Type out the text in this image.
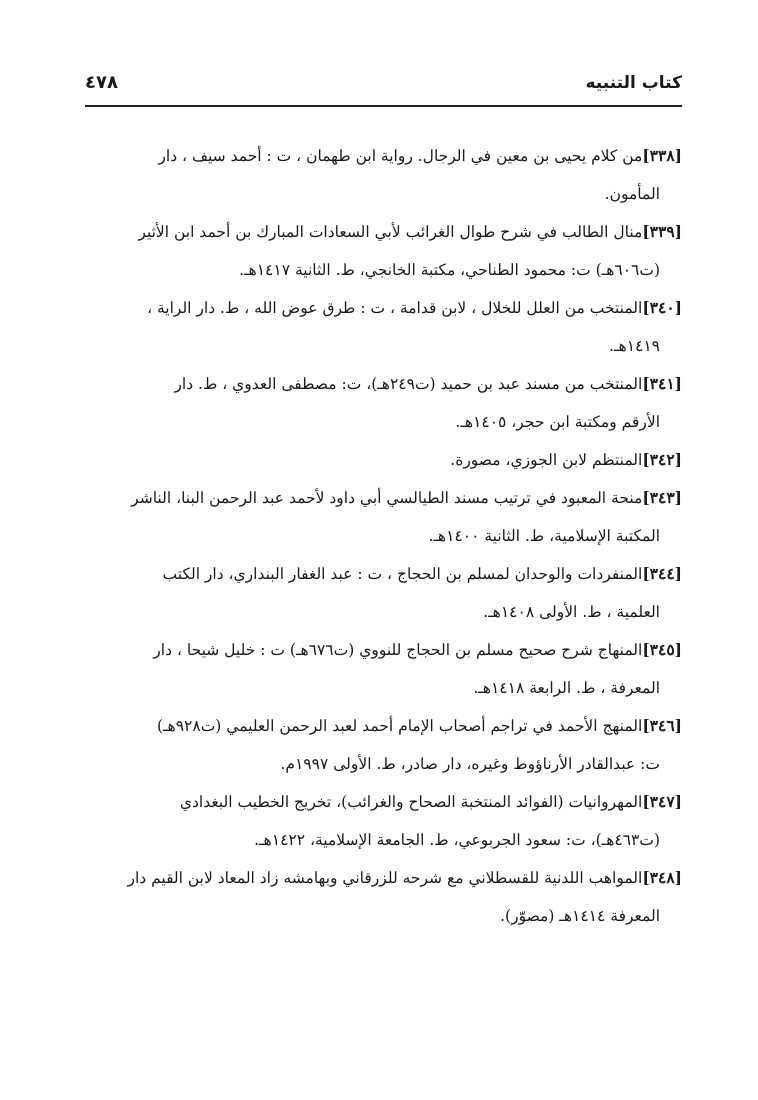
كتاب التنبيه
٤٧٨
[٣٣٨]من كلام يحيى بن معين في الرجال. رواية ابن طهمان ، ت : أحمد سيف ، دار
المأمون.
[٣٣٩]منال الطالب في شرح طوال الغرائب لأبي السعادات المبارك بن أحمد ابن الأثير
(ت٦٠٦هـ) ت: محمود الطناحي، مكتبة الخانجي، ط. الثانية ١٤١٧هـ.
[٣٤٠]المنتخب من العلل للخلال ، لابن قدامة ، ت : طرق عوض الله ، ط. دار الراية ،
١٤١٩هـ.
[٣٤١]المنتخب من مسند عبد بن حميد (ت٢٤٩هـ)، ت: مصطفى العدوي ، ط. دار
الأرقم ومكتبة ابن حجر، ١٤٠٥هـ.
[٣٤٢]المنتظم لابن الجوزي، مصورة.
[٣٤٣]منحة المعبود في ترتيب مسند الطيالسي أبي داود لأحمد عبد الرحمن البنا، الناشر
المكتبة الإسلامية، ط. الثانية ١٤٠٠هـ.
[٣٤٤]المنفردات والوحدان لمسلم بن الحجاج ، ت : عبد الغفار البنداري، دار الكتب
العلمية ، ط. الأولى ١٤٠٨هـ.
[٣٤٥]المنهاج شرح صحيح مسلم بن الحجاج للنووي (ت٦٧٦هـ) ت : خليل شيحا ، دار
المعرفة ، ط. الرابعة ١٤١٨هـ.
[٣٤٦]المنهج الأحمد في تراجم أصحاب الإمام أحمد لعبد الرحمن العليمي (ت٩٢٨هـ)
ت: عبدالقادر الأرناؤوط وغيره، دار صادر، ط. الأولى ١٩٩٧م.
[٣٤٧]المهروانيات (الفوائد المنتخبة الصحاح والغرائب)، تخريج الخطيب البغدادي
(ت٤٦٣هـ)، ت: سعود الجربوعي، ط. الجامعة الإسلامية، ١٤٢٢هـ.
[٣٤٨]المواهب اللدنية للقسطلاني مع شرحه للزرقاني وبهامشه زاد المعاد لابن القيم دار
المعرفة ١٤١٤هـ (مصوّر).
